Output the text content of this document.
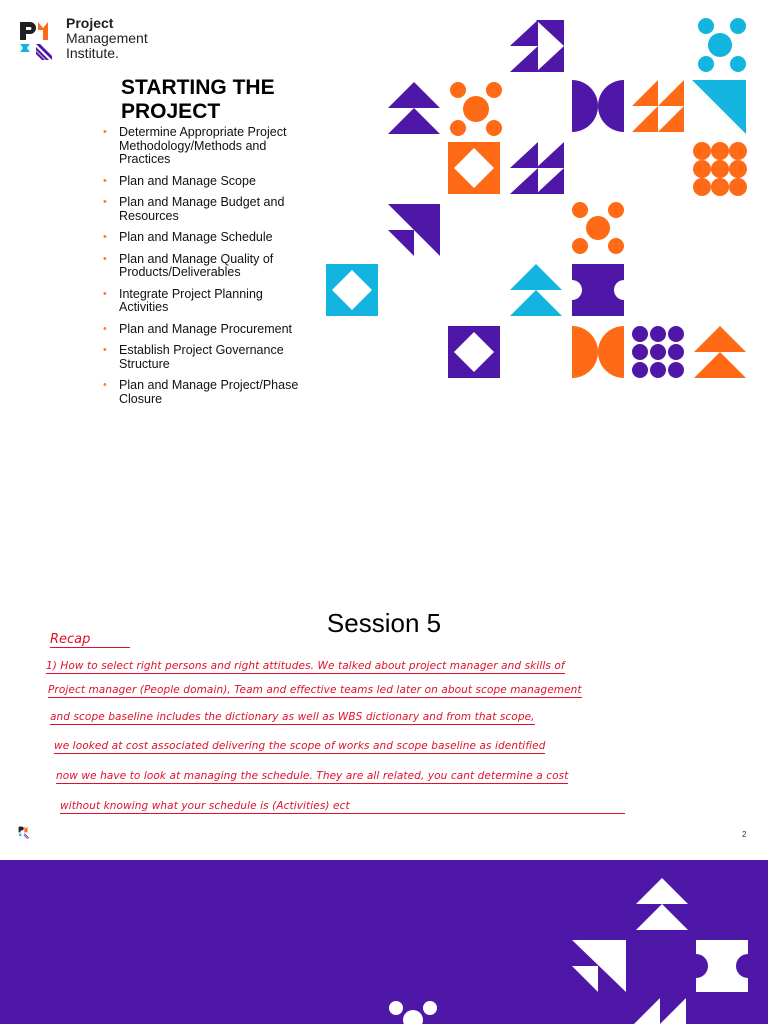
Project
Management
Institute.
STARTING THE
PROJECT
• Determine Appropriate Project
Methodology/Methods and
Practices
• Plan and Manage Scope
• Plan and Manage Budget and
Resources
• Plan and Manage Schedule
• Plan and Manage Quality of
Products/Deliverables
• Integrate Project Planning
Activities
• Plan and Manage Procurement
• Establish Project Governance
Structure
• Plan and Manage Project/Phase
Closure
Session 5
Recap
1) How to select right persons and right attitudes. We talked about project manager and skills of
Project manager (People domain), Team and effective teams led later on about scope management
and scope baseline includes the dictionary as well as WBS dictionary and from that scope,
we looked at cost associated delivering the scope of works and scope baseline as identified
now we have to look at managing the schedule. They are all related, you cant determine a cost
without knowing what your schedule is (Activities) ect
2
